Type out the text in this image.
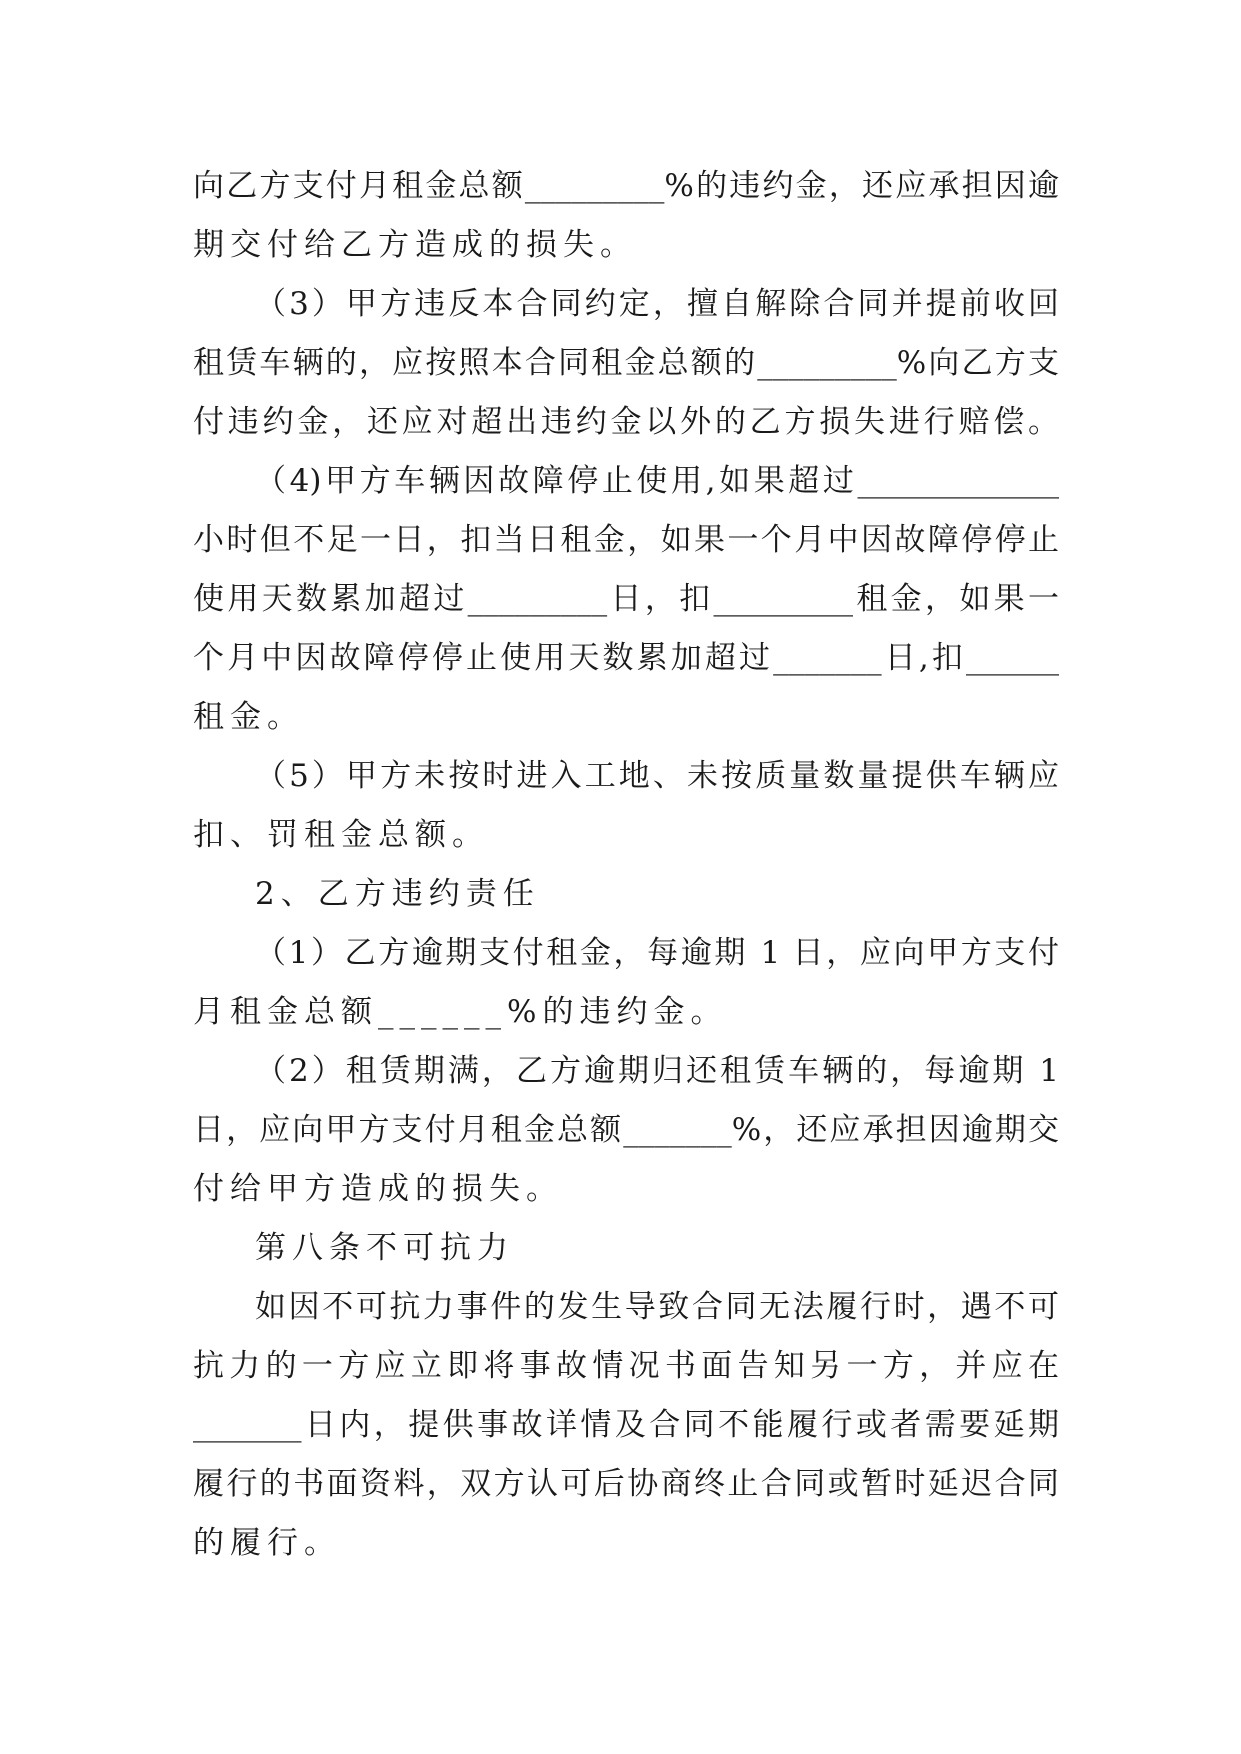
向乙方支付月租金总额_________%的违约金，还应承担因逾
期交付给乙方造成的损失。
（3）甲方违反本合同约定，擅自解除合同并提前收回
租赁车辆的，应按照本合同租金总额的_________%向乙方支
付违约金，还应对超出违约金以外的乙方损失进行赔偿。
（4)甲方车辆因故障停止使用,如果超过_____________
小时但不足一日，扣当日租金，如果一个月中因故障停停止
使用天数累加超过_________日，扣_________租金，如果一
个月中因故障停停止使用天数累加超过_______日,扣______
租金。
（5）甲方未按时进入工地、未按质量数量提供车辆应
扣、罚租金总额。
2、乙方违约责任
（1）乙方逾期支付租金，每逾期 1 日，应向甲方支付
月租金总额______%的违约金。
（2）租赁期满，乙方逾期归还租赁车辆的，每逾期 1
日，应向甲方支付月租金总额_______%，还应承担因逾期交
付给甲方造成的损失。
第八条不可抗力
如因不可抗力事件的发生导致合同无法履行时，遇不可
抗力的一方应立即将事故情况书面告知另一方，并应在
_______日内，提供事故详情及合同不能履行或者需要延期
履行的书面资料，双方认可后协商终止合同或暂时延迟合同
的履行。
